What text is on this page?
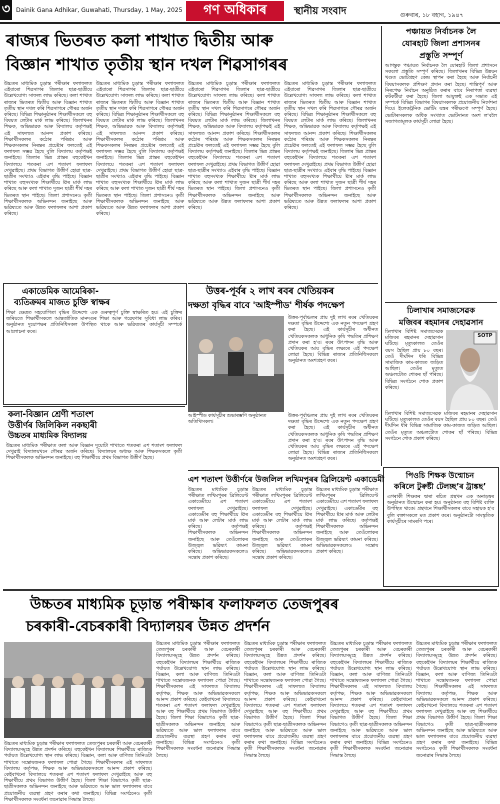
৩ Dainik Gana Adhikar, Guwahati, Thursday, 1 May, 2025	গণ অধিকাৰ	স্থানীয় সংবাদ	গুৰুবাৰ, ১৮ বহাগ, ১৯৪৭
ৰাজ্যৰ ভিতৰত কলা শাখাত দ্বিতীয় আৰু
বিজ্ঞান শাখাত তৃতীয় স্থান দখল শিৱসাগৰৰ
উচ্চতৰ মাধ্যমিক চূড়ান্ত পৰীক্ষাৰ ফলাফলত এইবাৰো শিৱসাগৰ জিলাৰ ছাত্ৰ-ছাত্ৰীয়ে উল্লেখযোগ্য সাফল্য লাভ কৰিছে। কলা শাখাত ৰাজ্যৰ ভিতৰত দ্বিতীয় আৰু বিজ্ঞান শাখাত তৃতীয় স্থান দখল কৰি শিৱসাগৰে গৌৰৱ অৰ্জন কৰিছে। বিভিন্ন শিক্ষানুষ্ঠানৰ শিক্ষাৰ্থীসকলে বহু বিষয়ত লেটাৰ মাৰ্ক লাভ কৰিছে। জিলাখনৰ শিক্ষক, অভিভাৱক আৰু বিদ্যালয় কৰ্তৃপক্ষই এই সাফল্যত আনন্দ প্ৰকাশ কৰিছে। শিক্ষাৰ্থীসকলৰ কঠোৰ পৰিশ্ৰম আৰু শিক্ষকসকলৰ নিৰন্তৰ প্ৰচেষ্টাৰ ফলতেই এই ফলাফল সম্ভৱ হৈছে বুলি বিদ্যালয় কৰ্তৃপক্ষই জনাইছে। জিলাৰ ভিন্ন প্ৰান্তৰ বহুকেইখন বিদ্যালয়ে শতকৰা এশ শতাংশ ফলাফল দেখুৱাইছে। প্ৰথম বিভাগত উত্তীৰ্ণ হোৱা ছাত্ৰ-ছাত্ৰীৰ সংখ্যাও এইবাৰ বৃদ্ধি পাইছে। বিজ্ঞান শাখাত বহুসংখ্যক শিক্ষাৰ্থীয়ে ষ্টাৰ মাৰ্ক লাভ কৰিছে আৰু কলা শাখাত দুজন ছাত্ৰী শীৰ্ষ দহৰ ভিতৰত স্থান পাইছে। জিলা প্ৰশাসনেও কৃতী শিক্ষাৰ্থীসকলক অভিনন্দন জনাইছে আৰু ভৱিষ্যতে আৰু উন্নত ফলাফলৰ আশা প্ৰকাশ কৰিছে।
উচ্চতৰ মাধ্যমিক চূড়ান্ত পৰীক্ষাৰ ফলাফলত এইবাৰো শিৱসাগৰ জিলাৰ ছাত্ৰ-ছাত্ৰীয়ে উল্লেখযোগ্য সাফল্য লাভ কৰিছে। কলা শাখাত ৰাজ্যৰ ভিতৰত দ্বিতীয় আৰু বিজ্ঞান শাখাত তৃতীয় স্থান দখল কৰি শিৱসাগৰে গৌৰৱ অৰ্জন কৰিছে। বিভিন্ন শিক্ষানুষ্ঠানৰ শিক্ষাৰ্থীসকলে বহু বিষয়ত লেটাৰ মাৰ্ক লাভ কৰিছে। জিলাখনৰ শিক্ষক, অভিভাৱক আৰু বিদ্যালয় কৰ্তৃপক্ষই এই সাফল্যত আনন্দ প্ৰকাশ কৰিছে। শিক্ষাৰ্থীসকলৰ কঠোৰ পৰিশ্ৰম আৰু শিক্ষকসকলৰ নিৰন্তৰ প্ৰচেষ্টাৰ ফলতেই এই ফলাফল সম্ভৱ হৈছে বুলি বিদ্যালয় কৰ্তৃপক্ষই জনাইছে। জিলাৰ ভিন্ন প্ৰান্তৰ বহুকেইখন বিদ্যালয়ে শতকৰা এশ শতাংশ ফলাফল দেখুৱাইছে। প্ৰথম বিভাগত উত্তীৰ্ণ হোৱা ছাত্ৰ-ছাত্ৰীৰ সংখ্যাও এইবাৰ বৃদ্ধি পাইছে। বিজ্ঞান শাখাত বহুসংখ্যক শিক্ষাৰ্থীয়ে ষ্টাৰ মাৰ্ক লাভ কৰিছে আৰু কলা শাখাত দুজন ছাত্ৰী শীৰ্ষ দহৰ ভিতৰত স্থান পাইছে। জিলা প্ৰশাসনেও কৃতী শিক্ষাৰ্থীসকলক অভিনন্দন জনাইছে আৰু ভৱিষ্যতে আৰু উন্নত ফলাফলৰ আশা প্ৰকাশ কৰিছে।
উচ্চতৰ মাধ্যমিক চূড়ান্ত পৰীক্ষাৰ ফলাফলত এইবাৰো শিৱসাগৰ জিলাৰ ছাত্ৰ-ছাত্ৰীয়ে উল্লেখযোগ্য সাফল্য লাভ কৰিছে। কলা শাখাত ৰাজ্যৰ ভিতৰত দ্বিতীয় আৰু বিজ্ঞান শাখাত তৃতীয় স্থান দখল কৰি শিৱসাগৰে গৌৰৱ অৰ্জন কৰিছে। বিভিন্ন শিক্ষানুষ্ঠানৰ শিক্ষাৰ্থীসকলে বহু বিষয়ত লেটাৰ মাৰ্ক লাভ কৰিছে। জিলাখনৰ শিক্ষক, অভিভাৱক আৰু বিদ্যালয় কৰ্তৃপক্ষই এই সাফল্যত আনন্দ প্ৰকাশ কৰিছে। শিক্ষাৰ্থীসকলৰ কঠোৰ পৰিশ্ৰম আৰু শিক্ষকসকলৰ নিৰন্তৰ প্ৰচেষ্টাৰ ফলতেই এই ফলাফল সম্ভৱ হৈছে বুলি বিদ্যালয় কৰ্তৃপক্ষই জনাইছে। জিলাৰ ভিন্ন প্ৰান্তৰ বহুকেইখন বিদ্যালয়ে শতকৰা এশ শতাংশ ফলাফল দেখুৱাইছে। প্ৰথম বিভাগত উত্তীৰ্ণ হোৱা ছাত্ৰ-ছাত্ৰীৰ সংখ্যাও এইবাৰ বৃদ্ধি পাইছে। বিজ্ঞান শাখাত বহুসংখ্যক শিক্ষাৰ্থীয়ে ষ্টাৰ মাৰ্ক লাভ কৰিছে আৰু কলা শাখাত দুজন ছাত্ৰী শীৰ্ষ দহৰ ভিতৰত স্থান পাইছে। জিলা প্ৰশাসনেও কৃতী শিক্ষাৰ্থীসকলক অভিনন্দন জনাইছে আৰু ভৱিষ্যতে আৰু উন্নত ফলাফলৰ আশা প্ৰকাশ কৰিছে।
উচ্চতৰ মাধ্যমিক চূড়ান্ত পৰীক্ষাৰ ফলাফলত এইবাৰো শিৱসাগৰ জিলাৰ ছাত্ৰ-ছাত্ৰীয়ে উল্লেখযোগ্য সাফল্য লাভ কৰিছে। কলা শাখাত ৰাজ্যৰ ভিতৰত দ্বিতীয় আৰু বিজ্ঞান শাখাত তৃতীয় স্থান দখল কৰি শিৱসাগৰে গৌৰৱ অৰ্জন কৰিছে। বিভিন্ন শিক্ষানুষ্ঠানৰ শিক্ষাৰ্থীসকলে বহু বিষয়ত লেটাৰ মাৰ্ক লাভ কৰিছে। জিলাখনৰ শিক্ষক, অভিভাৱক আৰু বিদ্যালয় কৰ্তৃপক্ষই এই সাফল্যত আনন্দ প্ৰকাশ কৰিছে। শিক্ষাৰ্থীসকলৰ কঠোৰ পৰিশ্ৰম আৰু শিক্ষকসকলৰ নিৰন্তৰ প্ৰচেষ্টাৰ ফলতেই এই ফলাফল সম্ভৱ হৈছে বুলি বিদ্যালয় কৰ্তৃপক্ষই জনাইছে। জিলাৰ ভিন্ন প্ৰান্তৰ বহুকেইখন বিদ্যালয়ে শতকৰা এশ শতাংশ ফলাফল দেখুৱাইছে। প্ৰথম বিভাগত উত্তীৰ্ণ হোৱা ছাত্ৰ-ছাত্ৰীৰ সংখ্যাও এইবাৰ বৃদ্ধি পাইছে। বিজ্ঞান শাখাত বহুসংখ্যক শিক্ষাৰ্থীয়ে ষ্টাৰ মাৰ্ক লাভ কৰিছে আৰু কলা শাখাত দুজন ছাত্ৰী শীৰ্ষ দহৰ ভিতৰত স্থান পাইছে। জিলা প্ৰশাসনেও কৃতী শিক্ষাৰ্থীসকলক অভিনন্দন জনাইছে আৰু ভৱিষ্যতে আৰু উন্নত ফলাফলৰ আশা প্ৰকাশ কৰিছে।
পঞ্চায়ত নিৰ্বাচনক লৈ
যোৰহাট জিলা প্ৰশাসনৰ
প্ৰস্তুতি সম্পূৰ্ণ
আগন্তুক পঞ্চায়ত নিৰ্বাচনক লৈ যোৰহাট জিলা প্ৰশাসনে সকলো প্ৰস্তুতি সম্পূৰ্ণ কৰিছে। জিলাখনৰ বিভিন্ন উন্নয়ন খণ্ডত ভোটগ্ৰহণ কেন্দ্ৰ স্থাপন কৰা হৈছে আৰু নিৰ্বাচনী বিষয়াসকলক প্ৰশিক্ষণ প্ৰদান কৰা হৈছে। শান্তিপূৰ্ণ আৰু নিৰপেক্ষ নিৰ্বাচন অনুষ্ঠিত কৰাৰ বাবে নিৰাপত্তা ব্যৱস্থা কটকটীয়া কৰা হৈছে। জিলা আয়ুক্তই এক সভাত এই সম্পৰ্কে বিভিন্ন বিভাগৰ বিষয়াসকলক প্ৰয়োজনীয় নিৰ্দেশনা দিয়ে। ইলেকট্ৰনিক ভোটিং যন্ত্ৰৰ পৰীক্ষণো সম্পূৰ্ণ হৈছে। ভোটাৰসকলক অধিক সংখ্যাত ভোটদানত অংশ ল'বলৈ সজাগতামূলক কাৰ্যসূচী লোৱা হৈছে।
ঢিলাখাৰ সমাজসেৱক
মজিবৰ ৰহমানৰ দেহাৱসান
ঢিলাখাৰ বিশিষ্ট সমাজসেৱক মজিবৰ ৰহমানৰ দেহাৱসান ঘটিছে। মৃত্যুকালত তেওঁৰ বয়স হৈছিল প্ৰায় ৮০ বছৰ। তেওঁ দীৰ্ঘদিন ধৰি বিভিন্ন সামাজিক কাম-কাজত জড়িত আছিল। তেওঁৰ মৃত্যুত অঞ্চলটোত শোকৰ ছাঁ পৰিছে। বিভিন্ন সংগঠনে শোক প্ৰকাশ কৰিছে।
SOTP
ঢিলাখাৰ বিশিষ্ট সমাজসেৱক মজিবৰ ৰহমানৰ দেহাৱসান ঘটিছে। মৃত্যুকালত তেওঁৰ বয়স হৈছিল প্ৰায় ৮০ বছৰ। তেওঁ দীৰ্ঘদিন ধৰি বিভিন্ন সামাজিক কাম-কাজত জড়িত আছিল। তেওঁৰ মৃত্যুত অঞ্চলটোত শোকৰ ছাঁ পৰিছে। বিভিন্ন সংগঠনে শোক প্ৰকাশ কৰিছে।
পিওচি শিক্ষক উন্মোচন
কৰিলে টুৰুষ্টী টেলচ্ছ’ৰ ট্ৰাঙ্কছ’
এগৰাকী শিক্ষকৰ দ্বাৰা ৰচিত গ্ৰন্থখন এক অনাড়ম্বৰ অনুষ্ঠানত উন্মোচন কৰা হয়। অনুষ্ঠানত বহু বিশিষ্ট ব্যক্তি উপস্থিত থাকে। গ্ৰন্থখনে শিক্ষাৰ্থীসকলৰ বাবে সহায়ক হ'ব বুলি বক্তাসকলে মত প্ৰকাশ কৰে। অনুষ্ঠানটো সাংস্কৃতিক কাৰ্যসূচীৰে সামৰণি পৰে।
একাডেমিক আমেৰিকা-
ব্যতিক্ৰমৰ মাজত চুক্তি স্বাক্ষৰ
শিক্ষা ক্ষেত্ৰত সহযোগিতা বৃদ্ধিৰ উদ্দেশ্যে এক গুৰুত্বপূৰ্ণ চুক্তি স্বাক্ষৰিত হয়। এই চুক্তিৰ জৰিয়তে শিক্ষাৰ্থীসকলে আন্তৰ্জাতিক মানদণ্ডৰ শিক্ষা আৰু গৱেষণাৰ সুবিধা লাভ কৰিব। অনুষ্ঠানত দুয়োপক্ষৰ প্ৰতিনিধিসকল উপস্থিত থাকে আৰু ভৱিষ্যতৰ কাৰ্যসূচী সম্পৰ্কে আলোচনা কৰে।
কলা-বিজ্ঞান শ্ৰেণী শতাংশ
উত্তীৰ্ণৰ জিলিকিল নকছাৰী
উচ্চতৰ মাধ্যমিক বিদ্যালয়
উচ্চতৰ মাধ্যমিক পৰীক্ষাত কলা আৰু বিজ্ঞান দুয়োটা শাখাতে শতকৰা এশ শতাংশ ফলাফল দেখুৱাই বিদ্যালয়খনে গৌৰৱ অৰ্জন কৰিছে। বিদ্যালয়ৰ অধ্যক্ষ আৰু শিক্ষকসকলে কৃতী শিক্ষাৰ্থীসকলক অভিনন্দন জনাইছে। বহু শিক্ষাৰ্থীয়ে প্ৰথম বিভাগত উত্তীৰ্ণ হৈছে।
উত্তৰ-পূৰ্বৰ ২ লাখ ৰবৰ খেতিয়কৰ
দক্ষতা বৃদ্ধিৰ বাবে 'আইস্পীড' শীৰ্ষক পদক্ষেপ
উত্তৰ-পূৰ্বাঞ্চলৰ প্ৰায় দুই লাখ ৰবৰ খেতিয়কৰ দক্ষতা বৃদ্ধিৰ উদ্দেশ্যে এক নতুন পদক্ষেপ গ্ৰহণ কৰা হৈছে। এই কাৰ্যসূচীৰ অধীনত খেতিয়কসকলক আধুনিক কৃষি পদ্ধতিৰ প্ৰশিক্ষণ প্ৰদান কৰা হ'ব। ৰবৰ উৎপাদন বৃদ্ধি আৰু খেতিয়কৰ আয় বৃদ্ধিৰ লক্ষ্যৰে এই পদক্ষেপ লোৱা হৈছে। বিভিন্ন ৰাজ্যৰ প্ৰতিনিধিসকলে অনুষ্ঠানত অংশগ্ৰহণ কৰে।
আইস্পীড কাৰ্যসূচীৰ শুভাৰম্ভণি অনুষ্ঠানত অতিথিসকল।
উত্তৰ-পূৰ্বাঞ্চলৰ প্ৰায় দুই লাখ ৰবৰ খেতিয়কৰ দক্ষতা বৃদ্ধিৰ উদ্দেশ্যে এক নতুন পদক্ষেপ গ্ৰহণ কৰা হৈছে। এই কাৰ্যসূচীৰ অধীনত খেতিয়কসকলক আধুনিক কৃষি পদ্ধতিৰ প্ৰশিক্ষণ প্ৰদান কৰা হ'ব। ৰবৰ উৎপাদন বৃদ্ধি আৰু খেতিয়কৰ আয় বৃদ্ধিৰ লক্ষ্যৰে এই পদক্ষেপ লোৱা হৈছে। বিভিন্ন ৰাজ্যৰ প্ৰতিনিধিসকলে অনুষ্ঠানত অংশগ্ৰহণ কৰে।
এশ শতাংশ উত্তীৰ্ণৰে উজলিল লখিমপুৰৰ ব্ৰিলিয়েণ্ট একাডেমী
উচ্চতৰ মাধ্যমিক চূড়ান্ত পৰীক্ষাত লখিমপুৰৰ ব্ৰিলিয়েণ্ট একাডেমীয়ে এশ শতাংশ ফলাফল দেখুৱাইছে। একাডেমীৰ বহু শিক্ষাৰ্থীয়ে ষ্টাৰ মাৰ্ক আৰু লেটাৰ মাৰ্ক লাভ কৰিছে। কৰ্তৃপক্ষই শিক্ষাৰ্থীসকলক অভিনন্দন জনাইছে আৰু তেওঁলোকৰ উজ্জ্বল ভৱিষ্যৎ কামনা কৰিছে। অভিভাৱকসকলেও সন্তোষ প্ৰকাশ কৰিছে।
উচ্চতৰ মাধ্যমিক চূড়ান্ত পৰীক্ষাত লখিমপুৰৰ ব্ৰিলিয়েণ্ট একাডেমীয়ে এশ শতাংশ ফলাফল দেখুৱাইছে। একাডেমীৰ বহু শিক্ষাৰ্থীয়ে ষ্টাৰ মাৰ্ক আৰু লেটাৰ মাৰ্ক লাভ কৰিছে। কৰ্তৃপক্ষই শিক্ষাৰ্থীসকলক অভিনন্দন জনাইছে আৰু তেওঁলোকৰ উজ্জ্বল ভৱিষ্যৎ কামনা কৰিছে। অভিভাৱকসকলেও সন্তোষ প্ৰকাশ কৰিছে।
উচ্চতৰ মাধ্যমিক চূড়ান্ত পৰীক্ষাত লখিমপুৰৰ ব্ৰিলিয়েণ্ট একাডেমীয়ে এশ শতাংশ ফলাফল দেখুৱাইছে। একাডেমীৰ বহু শিক্ষাৰ্থীয়ে ষ্টাৰ মাৰ্ক আৰু লেটাৰ মাৰ্ক লাভ কৰিছে। কৰ্তৃপক্ষই শিক্ষাৰ্থীসকলক অভিনন্দন জনাইছে আৰু তেওঁলোকৰ উজ্জ্বল ভৱিষ্যৎ কামনা কৰিছে। অভিভাৱকসকলেও সন্তোষ প্ৰকাশ কৰিছে।
উচ্চতৰ মাধ্যমিক চূড়ান্ত পৰীক্ষাৰ ফলাফলত তেজপুৰৰ
চৰকাৰী-বেচৰকাৰী বিদ্যালয়ৰ উন্নত প্ৰদৰ্শন
উচ্চতৰ মাধ্যমিক চূড়ান্ত পৰীক্ষাৰ ফলাফলত তেজপুৰৰ চৰকাৰী আৰু বেচৰকাৰী বিদ্যালয়সমূহে উন্নত প্ৰদৰ্শন কৰিছে। বহুকেইখন বিদ্যালয়ৰ শিক্ষাৰ্থীয়ে ৰাজ্যিক পৰ্যায়ত উল্লেখযোগ্য স্থান লাভ কৰিছে। বিজ্ঞান, কলা আৰু বাণিজ্য তিনিওটা শাখাতে সন্তোষজনক ফলাফল পোৱা গৈছে। শিক্ষাৰ্থীসকলৰ এই সাফল্যত বিদ্যালয় কৰ্তৃপক্ষ, শিক্ষক আৰু অভিভাৱকসকলে আনন্দ প্ৰকাশ কৰিছে। কেইবাখনো বিদ্যালয়ে শতকৰা এশ শতাংশ ফলাফল দেখুৱাইছে আৰু বহু শিক্ষাৰ্থীয়ে প্ৰথম বিভাগত উত্তীৰ্ণ হৈছে। জিলা শিক্ষা বিভাগেও কৃতী ছাত্ৰ-ছাত্ৰীসকলক অভিনন্দন জনাইছে আৰু ভৱিষ্যতে আৰু ভাল ফলাফলৰ বাবে প্ৰয়োজনীয় ব্যৱস্থা গ্ৰহণ কৰাৰ কথা জনাইছে। বিভিন্ন সংগঠনেও কৃতী শিক্ষাৰ্থীসকলক সংবৰ্ধনা জনোৱাৰ সিদ্ধান্ত লৈছে।
উচ্চতৰ মাধ্যমিক চূড়ান্ত পৰীক্ষাৰ ফলাফলত তেজপুৰৰ চৰকাৰী আৰু বেচৰকাৰী বিদ্যালয়সমূহে উন্নত প্ৰদৰ্শন কৰিছে। বহুকেইখন বিদ্যালয়ৰ শিক্ষাৰ্থীয়ে ৰাজ্যিক পৰ্যায়ত উল্লেখযোগ্য স্থান লাভ কৰিছে। বিজ্ঞান, কলা আৰু বাণিজ্য তিনিওটা শাখাতে সন্তোষজনক ফলাফল পোৱা গৈছে। শিক্ষাৰ্থীসকলৰ এই সাফল্যত বিদ্যালয় কৰ্তৃপক্ষ, শিক্ষক আৰু অভিভাৱকসকলে আনন্দ প্ৰকাশ কৰিছে। কেইবাখনো বিদ্যালয়ে শতকৰা এশ শতাংশ ফলাফল দেখুৱাইছে আৰু বহু শিক্ষাৰ্থীয়ে প্ৰথম বিভাগত উত্তীৰ্ণ হৈছে। জিলা শিক্ষা বিভাগেও কৃতী ছাত্ৰ-ছাত্ৰীসকলক অভিনন্দন জনাইছে আৰু ভৱিষ্যতে আৰু ভাল ফলাফলৰ বাবে প্ৰয়োজনীয় ব্যৱস্থা গ্ৰহণ কৰাৰ কথা জনাইছে। বিভিন্ন সংগঠনেও কৃতী শিক্ষাৰ্থীসকলক সংবৰ্ধনা জনোৱাৰ সিদ্ধান্ত লৈছে।
উচ্চতৰ মাধ্যমিক চূড়ান্ত পৰীক্ষাৰ ফলাফলত তেজপুৰৰ চৰকাৰী আৰু বেচৰকাৰী বিদ্যালয়সমূহে উন্নত প্ৰদৰ্শন কৰিছে। বহুকেইখন বিদ্যালয়ৰ শিক্ষাৰ্থীয়ে ৰাজ্যিক পৰ্যায়ত উল্লেখযোগ্য স্থান লাভ কৰিছে। বিজ্ঞান, কলা আৰু বাণিজ্য তিনিওটা শাখাতে সন্তোষজনক ফলাফল পোৱা গৈছে। শিক্ষাৰ্থীসকলৰ এই সাফল্যত বিদ্যালয় কৰ্তৃপক্ষ, শিক্ষক আৰু অভিভাৱকসকলে আনন্দ প্ৰকাশ কৰিছে। কেইবাখনো বিদ্যালয়ে শতকৰা এশ শতাংশ ফলাফল দেখুৱাইছে আৰু বহু শিক্ষাৰ্থীয়ে প্ৰথম বিভাগত উত্তীৰ্ণ হৈছে। জিলা শিক্ষা বিভাগেও কৃতী ছাত্ৰ-ছাত্ৰীসকলক অভিনন্দন জনাইছে আৰু ভৱিষ্যতে আৰু ভাল ফলাফলৰ বাবে প্ৰয়োজনীয় ব্যৱস্থা গ্ৰহণ কৰাৰ কথা জনাইছে। বিভিন্ন সংগঠনেও কৃতী শিক্ষাৰ্থীসকলক সংবৰ্ধনা জনোৱাৰ সিদ্ধান্ত লৈছে।
উচ্চতৰ মাধ্যমিক চূড়ান্ত পৰীক্ষাৰ ফলাফলত তেজপুৰৰ চৰকাৰী আৰু বেচৰকাৰী বিদ্যালয়সমূহে উন্নত প্ৰদৰ্শন কৰিছে। বহুকেইখন বিদ্যালয়ৰ শিক্ষাৰ্থীয়ে ৰাজ্যিক পৰ্যায়ত উল্লেখযোগ্য স্থান লাভ কৰিছে। বিজ্ঞান, কলা আৰু বাণিজ্য তিনিওটা শাখাতে সন্তোষজনক ফলাফল পোৱা গৈছে। শিক্ষাৰ্থীসকলৰ এই সাফল্যত বিদ্যালয় কৰ্তৃপক্ষ, শিক্ষক আৰু অভিভাৱকসকলে আনন্দ প্ৰকাশ কৰিছে। কেইবাখনো বিদ্যালয়ে শতকৰা এশ শতাংশ ফলাফল দেখুৱাইছে আৰু বহু শিক্ষাৰ্থীয়ে প্ৰথম বিভাগত উত্তীৰ্ণ হৈছে। জিলা শিক্ষা বিভাগেও কৃতী ছাত্ৰ-ছাত্ৰীসকলক অভিনন্দন জনাইছে আৰু ভৱিষ্যতে আৰু ভাল ফলাফলৰ বাবে প্ৰয়োজনীয় ব্যৱস্থা গ্ৰহণ কৰাৰ কথা জনাইছে। বিভিন্ন সংগঠনেও কৃতী শিক্ষাৰ্থীসকলক সংবৰ্ধনা জনোৱাৰ সিদ্ধান্ত লৈছে।
উচ্চতৰ মাধ্যমিক চূড়ান্ত পৰীক্ষাৰ ফলাফলত তেজপুৰৰ চৰকাৰী আৰু বেচৰকাৰী বিদ্যালয়সমূহে উন্নত প্ৰদৰ্শন কৰিছে। বহুকেইখন বিদ্যালয়ৰ শিক্ষাৰ্থীয়ে ৰাজ্যিক পৰ্যায়ত উল্লেখযোগ্য স্থান লাভ কৰিছে। বিজ্ঞান, কলা আৰু বাণিজ্য তিনিওটা শাখাতে সন্তোষজনক ফলাফল পোৱা গৈছে। শিক্ষাৰ্থীসকলৰ এই সাফল্যত বিদ্যালয় কৰ্তৃপক্ষ, শিক্ষক আৰু অভিভাৱকসকলে আনন্দ প্ৰকাশ কৰিছে। কেইবাখনো বিদ্যালয়ে শতকৰা এশ শতাংশ ফলাফল দেখুৱাইছে আৰু বহু শিক্ষাৰ্থীয়ে প্ৰথম বিভাগত উত্তীৰ্ণ হৈছে। জিলা শিক্ষা বিভাগেও কৃতী ছাত্ৰ-ছাত্ৰীসকলক অভিনন্দন জনাইছে আৰু ভৱিষ্যতে আৰু ভাল ফলাফলৰ বাবে প্ৰয়োজনীয় ব্যৱস্থা গ্ৰহণ কৰাৰ কথা জনাইছে। বিভিন্ন সংগঠনেও কৃতী শিক্ষাৰ্থীসকলক সংবৰ্ধনা জনোৱাৰ সিদ্ধান্ত লৈছে।
